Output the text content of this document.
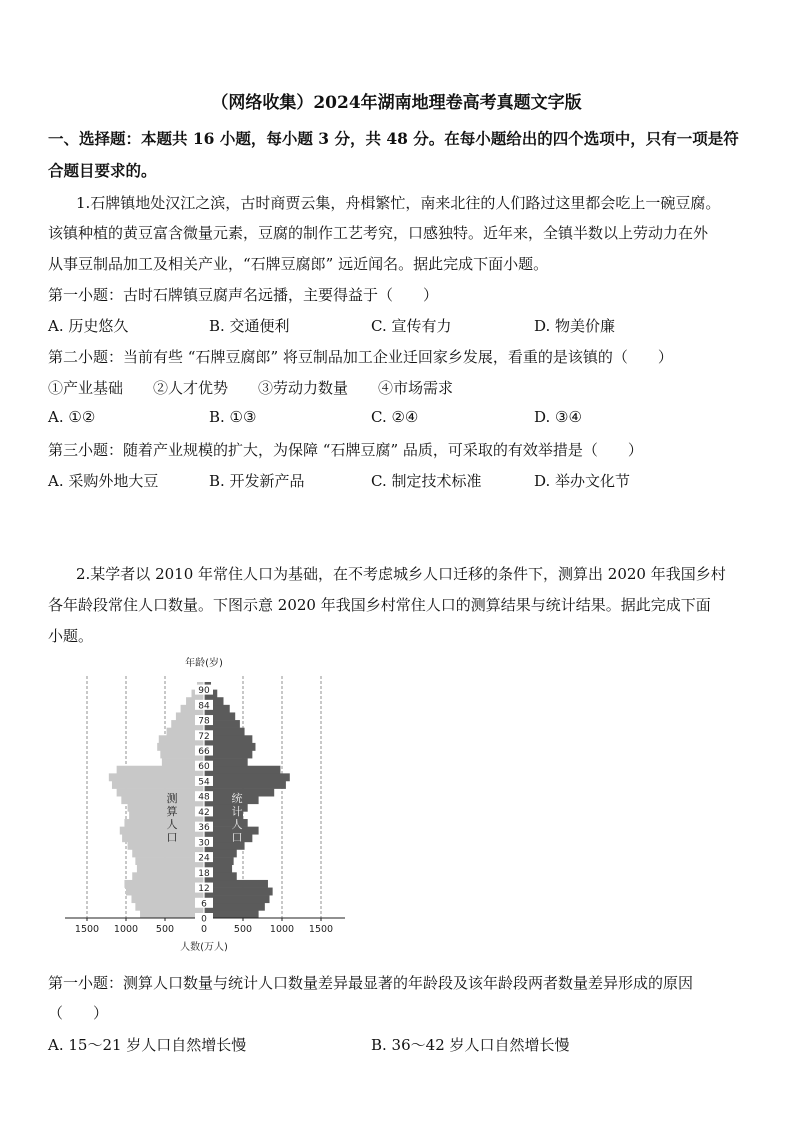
（网络收集）2024年湖南地理卷高考真题文字版
一、选择题：本题共 16 小题，每小题 3 分，共 48 分。在每小题给出的四个选项中，只有一项是符
合题目要求的。
1.石牌镇地处汉江之滨，古时商贾云集，舟楫繁忙，南来北往的人们路过这里都会吃上一碗豆腐。
该镇种植的黄豆富含微量元素，豆腐的制作工艺考究，口感独特。近年来，全镇半数以上劳动力在外
从事豆制品加工及相关产业，“石牌豆腐郎” 远近闻名。据此完成下面小题。
第一小题：古时石牌镇豆腐声名远播，主要得益于（　　）
A. 历史悠久	B. 交通便利	C. 宣传有力	D. 物美价廉
第二小题：当前有些 “石牌豆腐郎” 将豆制品加工企业迁回家乡发展，看重的是该镇的（　　）
①产业基础　　②人才优势　　③劳动力数量　　④市场需求
A. ①②	B. ①③	C. ②④	D. ③④
第三小题：随着产业规模的扩大，为保障 “石牌豆腐” 品质，可采取的有效举措是（　　）
A. 采购外地大豆	B. 开发新产品	C. 制定技术标准	D. 举办文化节
2.某学者以 2010 年常住人口为基础，在不考虑城乡人口迁移的条件下，测算出 2020 年我国乡村
各年龄段常住人口数量。下图示意 2020 年我国乡村常住人口的测算结果与统计结果。据此完成下面
小题。
1500 1000 500	0	500 1000 1500
0
6
12
18
24
30
36
42
48
54
60
66
72
78
84
90
年龄(岁)
人数(万人)
测
算
人
口
统
计
人
口
第一小题：测算人口数量与统计人口数量差异最显著的年龄段及该年龄段两者数量差异形成的原因
（　　）
A. 15～21 岁人口自然增长慢	B. 36～42 岁人口自然增长慢
